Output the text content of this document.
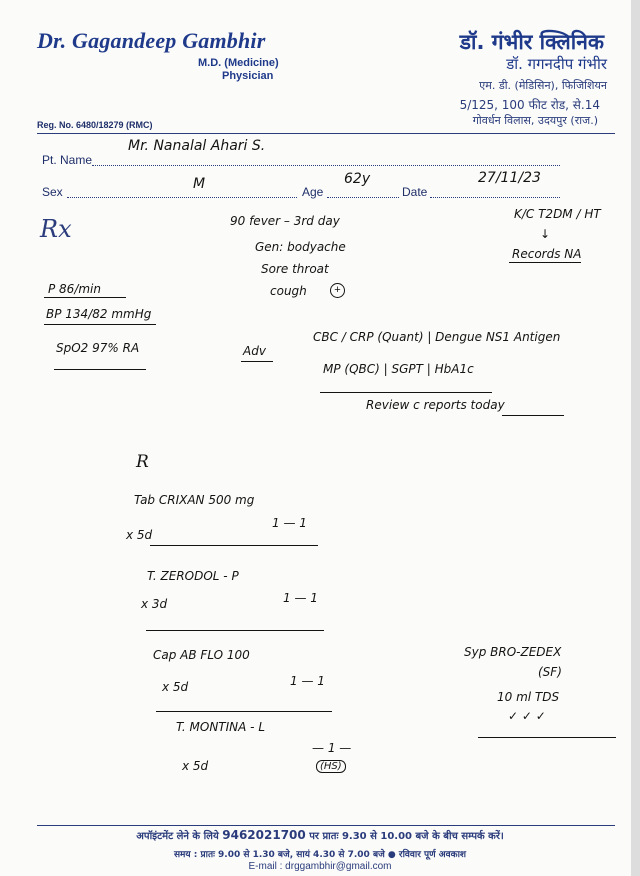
Dr. Gagandeep Gambhir
M.D. (Medicine)
Physician
डॉ. गंभीर क्लिनिक
डॉ. गगनदीप गंभीर
एम. डी. (मेडिसिन), फिजिशियन
5/125, 100 फीट रोड, से.14
गोवर्धन विलास, उदयपुर (राज.)
Reg. No. 6480/18279 (RMC)
Pt. Name
Mr. Nanalal Ahari S.
Sex	M	Age
62y
Date
27/11/23
Rx	90 fever – 3rd day
Gen: bodyache
Sore throat
cough	+
K/C T2DM / HT
↓
Records NA
P 86/min
BP 134/82 mmHg
SpO2 97% RA	Adv
CBC / CRP (Quant) | Dengue NS1 Antigen
MP (QBC) | SGPT | HbA1c
Review c reports today
R
Tab CRIXAN 500 mg
1 — 1
x 5d
T. ZERODOL - P
1 — 1
x 3d
Cap AB FLO 100
1 — 1
x 5d
T. MONTINA - L
— 1 —
(HS)
x 5d
Syp BRO-ZEDEX
(SF)
10 ml TDS
✓ ✓ ✓
अपॉइंटमेंट लेने के लिये 9462021700 पर प्रातः 9.30 से 10.00 बजे के बीच सम्पर्क करें।
समय : प्रातः 9.00 से 1.30 बजे, सायं 4.30 से 7.00 बजे ● रविवार पूर्ण अवकाश
E-mail : drggambhir@gmail.com
